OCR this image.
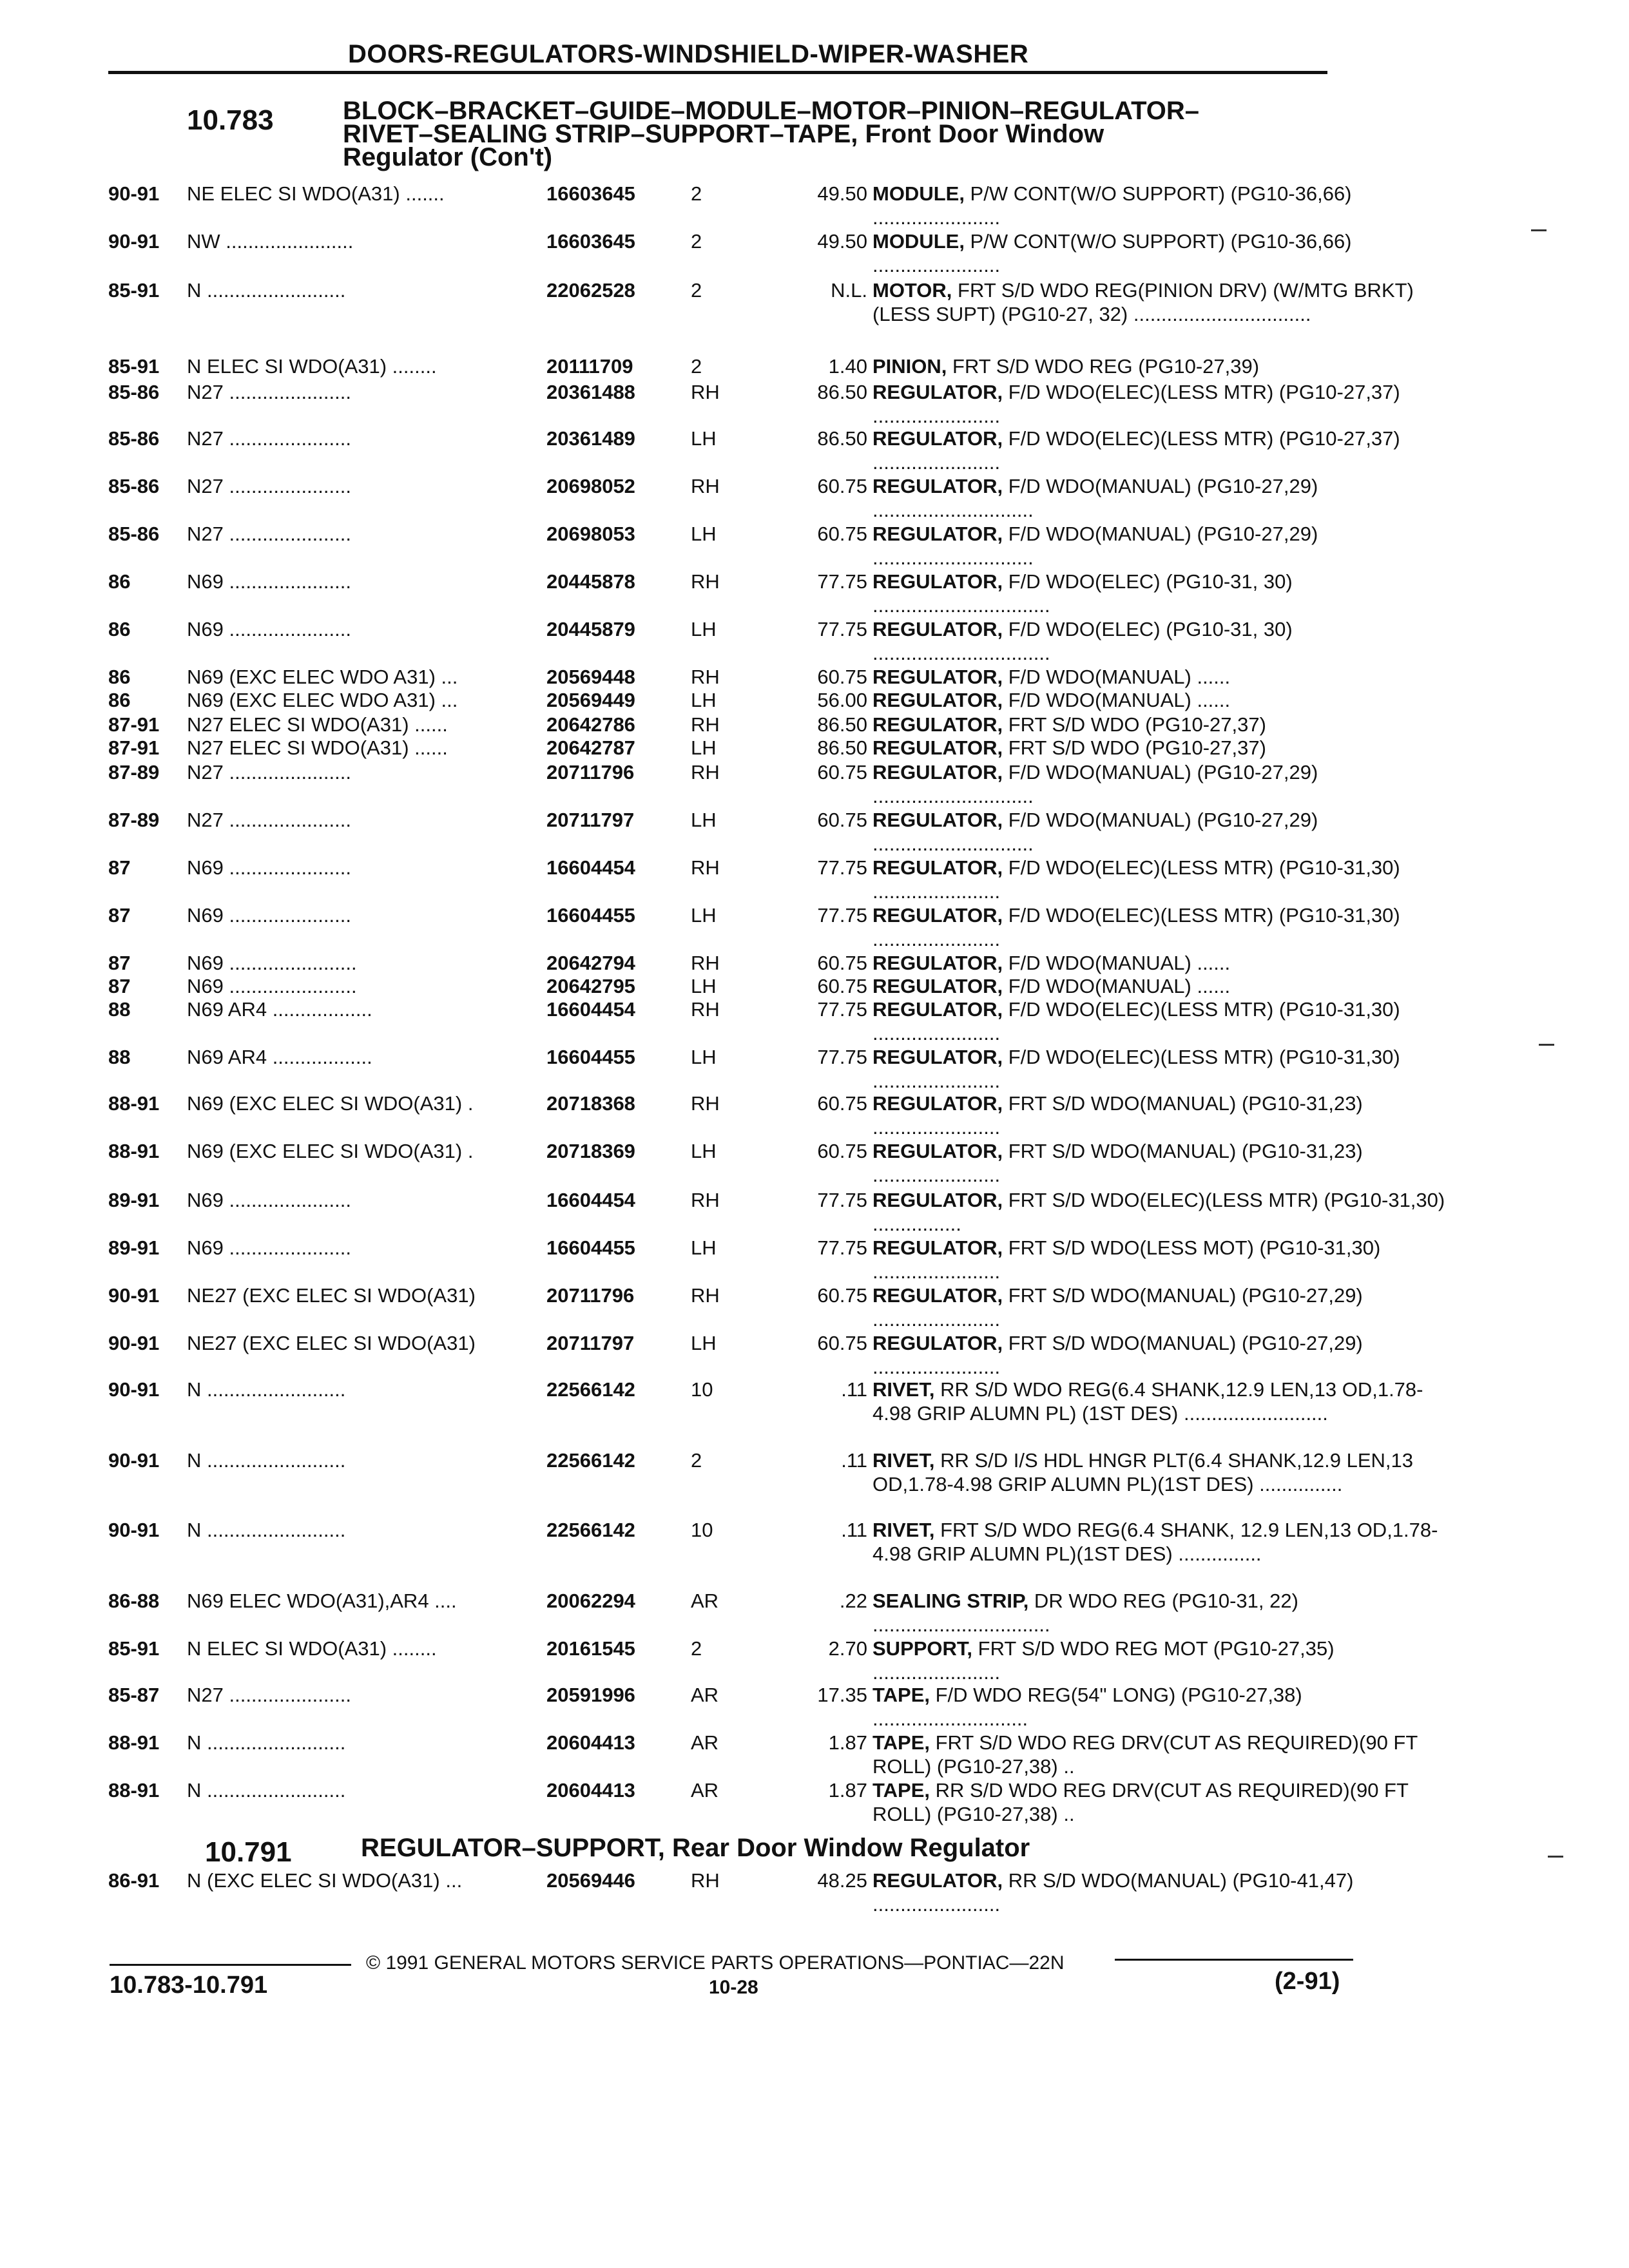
DOORS-REGULATORS-WINDSHIELD-WIPER-WASHER
10.783	BLOCK–BRACKET–GUIDE–MODULE–MOTOR–PINION–REGULATOR–
RIVET–SEALING STRIP–SUPPORT–TAPE, Front Door Window
Regulator (Con't)
90-91 NE ELEC SI WDO(A31) .......	16603645	2	49.50 MODULE, P/W CONT(W/O SUPPORT) (PG10-36,66) .......................
90-91 NW .......................	16603645	2	49.50 MODULE, P/W CONT(W/O SUPPORT) (PG10-36,66) .......................
85-91 N .........................	22062528	2	N.L. MOTOR, FRT S/D WDO REG(PINION DRV) (W/MTG BRKT)(LESS SUPT) (PG10-27, 32) ................................
85-91 N ELEC SI WDO(A31) ........	20111709	2	1.40 PINION, FRT S/D WDO REG (PG10-27,39)
85-86 N27 ......................	20361488	RH	86.50 REGULATOR, F/D WDO(ELEC)(LESS MTR) (PG10-27,37) .......................
85-86 N27 ......................	20361489	LH	86.50 REGULATOR, F/D WDO(ELEC)(LESS MTR) (PG10-27,37) .......................
85-86 N27 ......................	20698052	RH	60.75 REGULATOR, F/D WDO(MANUAL) (PG10-27,29) .............................
85-86 N27 ......................	20698053	LH	60.75 REGULATOR, F/D WDO(MANUAL) (PG10-27,29) .............................
86	N69 ......................	20445878	RH	77.75 REGULATOR, F/D WDO(ELEC) (PG10-31, 30) ................................
86	N69 ......................	20445879	LH	77.75 REGULATOR, F/D WDO(ELEC) (PG10-31, 30) ................................
86	N69 (EXC ELEC WDO A31) ...	20569448	RH	60.75 REGULATOR, F/D WDO(MANUAL) ......
86	N69 (EXC ELEC WDO A31) ...	20569449	LH	56.00 REGULATOR, F/D WDO(MANUAL) ......
87-91 N27 ELEC SI WDO(A31) ......	20642786	RH	86.50 REGULATOR, FRT S/D WDO (PG10-27,37)
87-91 N27 ELEC SI WDO(A31) ......	20642787	LH	86.50 REGULATOR, FRT S/D WDO (PG10-27,37)
87-89 N27 ......................	20711796	RH	60.75 REGULATOR, F/D WDO(MANUAL) (PG10-27,29) .............................
87-89 N27 ......................	20711797	LH	60.75 REGULATOR, F/D WDO(MANUAL) (PG10-27,29) .............................
87	N69 ......................	16604454	RH	77.75 REGULATOR, F/D WDO(ELEC)(LESS MTR) (PG10-31,30) .......................
87	N69 ......................	16604455	LH	77.75 REGULATOR, F/D WDO(ELEC)(LESS MTR) (PG10-31,30) .......................
87	N69 .......................	20642794	RH	60.75 REGULATOR, F/D WDO(MANUAL) ......
87	N69 .......................	20642795	LH	60.75 REGULATOR, F/D WDO(MANUAL) ......
88	N69 AR4 ..................	16604454	RH	77.75 REGULATOR, F/D WDO(ELEC)(LESS MTR) (PG10-31,30) .......................
88	N69 AR4 ..................	16604455	LH	77.75 REGULATOR, F/D WDO(ELEC)(LESS MTR) (PG10-31,30) .......................
88-91 N69 (EXC ELEC SI WDO(A31) .	20718368	RH	60.75 REGULATOR, FRT S/D WDO(MANUAL) (PG10-31,23) .......................
88-91 N69 (EXC ELEC SI WDO(A31) .	20718369	LH	60.75 REGULATOR, FRT S/D WDO(MANUAL) (PG10-31,23) .......................
89-91 N69 ......................	16604454	RH	77.75 REGULATOR, FRT S/D WDO(ELEC)(LESS MTR) (PG10-31,30) ................
89-91 N69 ......................	16604455	LH	77.75 REGULATOR, FRT S/D WDO(LESS MOT) (PG10-31,30) .......................
90-91 NE27 (EXC ELEC SI WDO(A31)	20711796	RH	60.75 REGULATOR, FRT S/D WDO(MANUAL) (PG10-27,29) .......................
90-91 NE27 (EXC ELEC SI WDO(A31)	20711797	LH	60.75 REGULATOR, FRT S/D WDO(MANUAL) (PG10-27,29) .......................
90-91 N .........................	22566142	10	.11 RIVET, RR S/D WDO REG(6.4 SHANK,12.9 LEN,13 OD,1.78-4.98 GRIP ALUMN PL) (1ST DES) ..........................
90-91 N .........................	22566142	2	.11 RIVET, RR S/D I/S HDL HNGR PLT(6.4 SHANK,12.9 LEN,13 OD,1.78-4.98 GRIP ALUMN PL)(1ST DES) ...............
90-91 N .........................	22566142	10	.11 RIVET, FRT S/D WDO REG(6.4 SHANK, 12.9 LEN,13 OD,1.78-4.98 GRIP ALUMN PL)(1ST DES) ...............
86-88 N69 ELEC WDO(A31),AR4 ....	20062294	AR	.22 SEALING STRIP, DR WDO REG (PG10-31, 22) ................................
85-91 N ELEC SI WDO(A31) ........	20161545	2	2.70 SUPPORT, FRT S/D WDO REG MOT (PG10-27,35) .......................
85-87 N27 ......................	20591996	AR	17.35 TAPE, F/D WDO REG(54" LONG) (PG10-27,38) ............................
88-91 N .........................	20604413	AR	1.87 TAPE, FRT S/D WDO REG DRV(CUT AS REQUIRED)(90 FT ROLL) (PG10-27,38) ..
88-91 N .........................	20604413	AR	1.87 TAPE, RR S/D WDO REG DRV(CUT AS REQUIRED)(90 FT ROLL) (PG10-27,38) ..
10.791	REGULATOR–SUPPORT, Rear Door Window Regulator
86-91 N (EXC ELEC SI WDO(A31) ...	20569446	RH	48.25 REGULATOR, RR S/D WDO(MANUAL) (PG10-41,47) .......................
© 1991 GENERAL MOTORS SERVICE PARTS OPERATIONS—PONTIAC—22N
10.783-10.791	10-28	(2-91)
